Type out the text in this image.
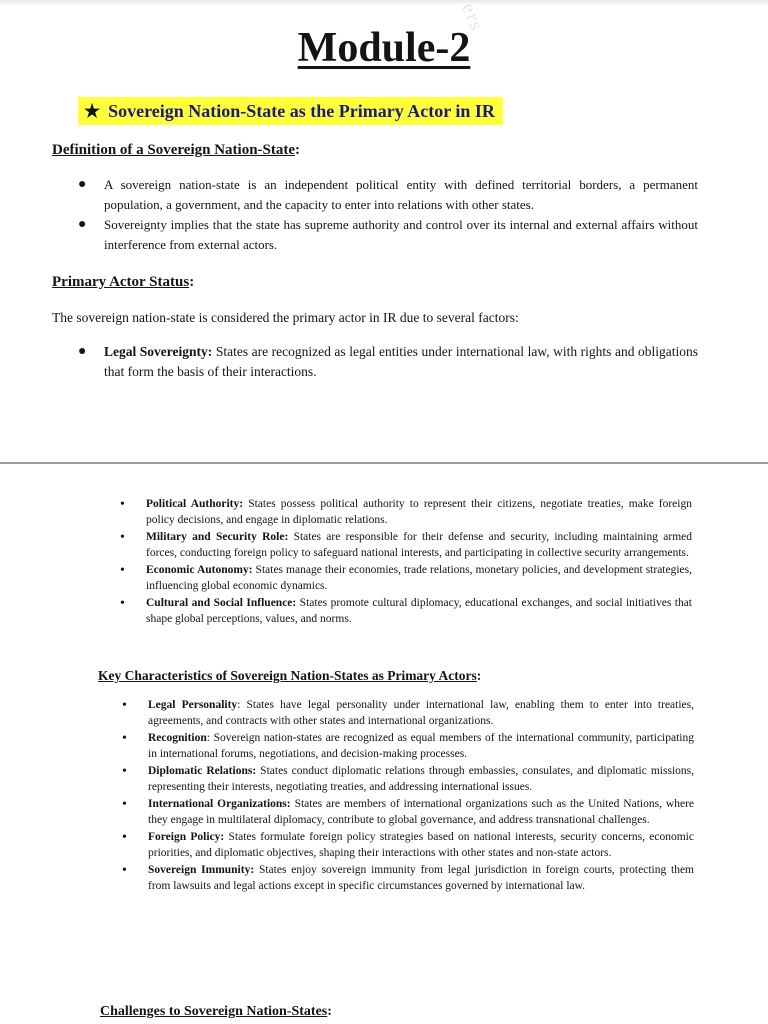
ers
Module-2
★ Sovereign Nation-State as the Primary Actor in IR
Definition of a Sovereign Nation-State:
● A sovereign nation-state is an independent political entity with defined territorial borders, a permanent population, a government, and the capacity to enter into relations with other states.
● Sovereignty implies that the state has supreme authority and control over its internal and external affairs without interference from external actors.
Primary Actor Status:
The sovereign nation-state is considered the primary actor in IR due to several factors:
● Legal Sovereignty: States are recognized as legal entities under international law, with rights and obligations that form the basis of their interactions.
• Political Authority: States possess political authority to represent their citizens, negotiate treaties, make foreign policy decisions, and engage in diplomatic relations.
• Military and Security Role: States are responsible for their defense and security, including maintaining armed forces, conducting foreign policy to safeguard national interests, and participating in collective security arrangements.
• Economic Autonomy: States manage their economies, trade relations, monetary policies, and development strategies, influencing global economic dynamics.
• Cultural and Social Influence: States promote cultural diplomacy, educational exchanges, and social initiatives that shape global perceptions, values, and norms.
Key Characteristics of Sovereign Nation-States as Primary Actors:
• Legal Personality: States have legal personality under international law, enabling them to enter into treaties, agreements, and contracts with other states and international organizations.
• Recognition: Sovereign nation-states are recognized as equal members of the international community, participating in international forums, negotiations, and decision-making processes.
• Diplomatic Relations: States conduct diplomatic relations through embassies, consulates, and diplomatic missions, representing their interests, negotiating treaties, and addressing international issues.
• International Organizations: States are members of international organizations such as the United Nations, where they engage in multilateral diplomacy, contribute to global governance, and address transnational challenges.
• Foreign Policy: States formulate foreign policy strategies based on national interests, security concerns, economic priorities, and diplomatic objectives, shaping their interactions with other states and non-state actors.
• Sovereign Immunity: States enjoy sovereign immunity from legal jurisdiction in foreign courts, protecting them from lawsuits and legal actions except in specific circumstances governed by international law.
Challenges to Sovereign Nation-States:
